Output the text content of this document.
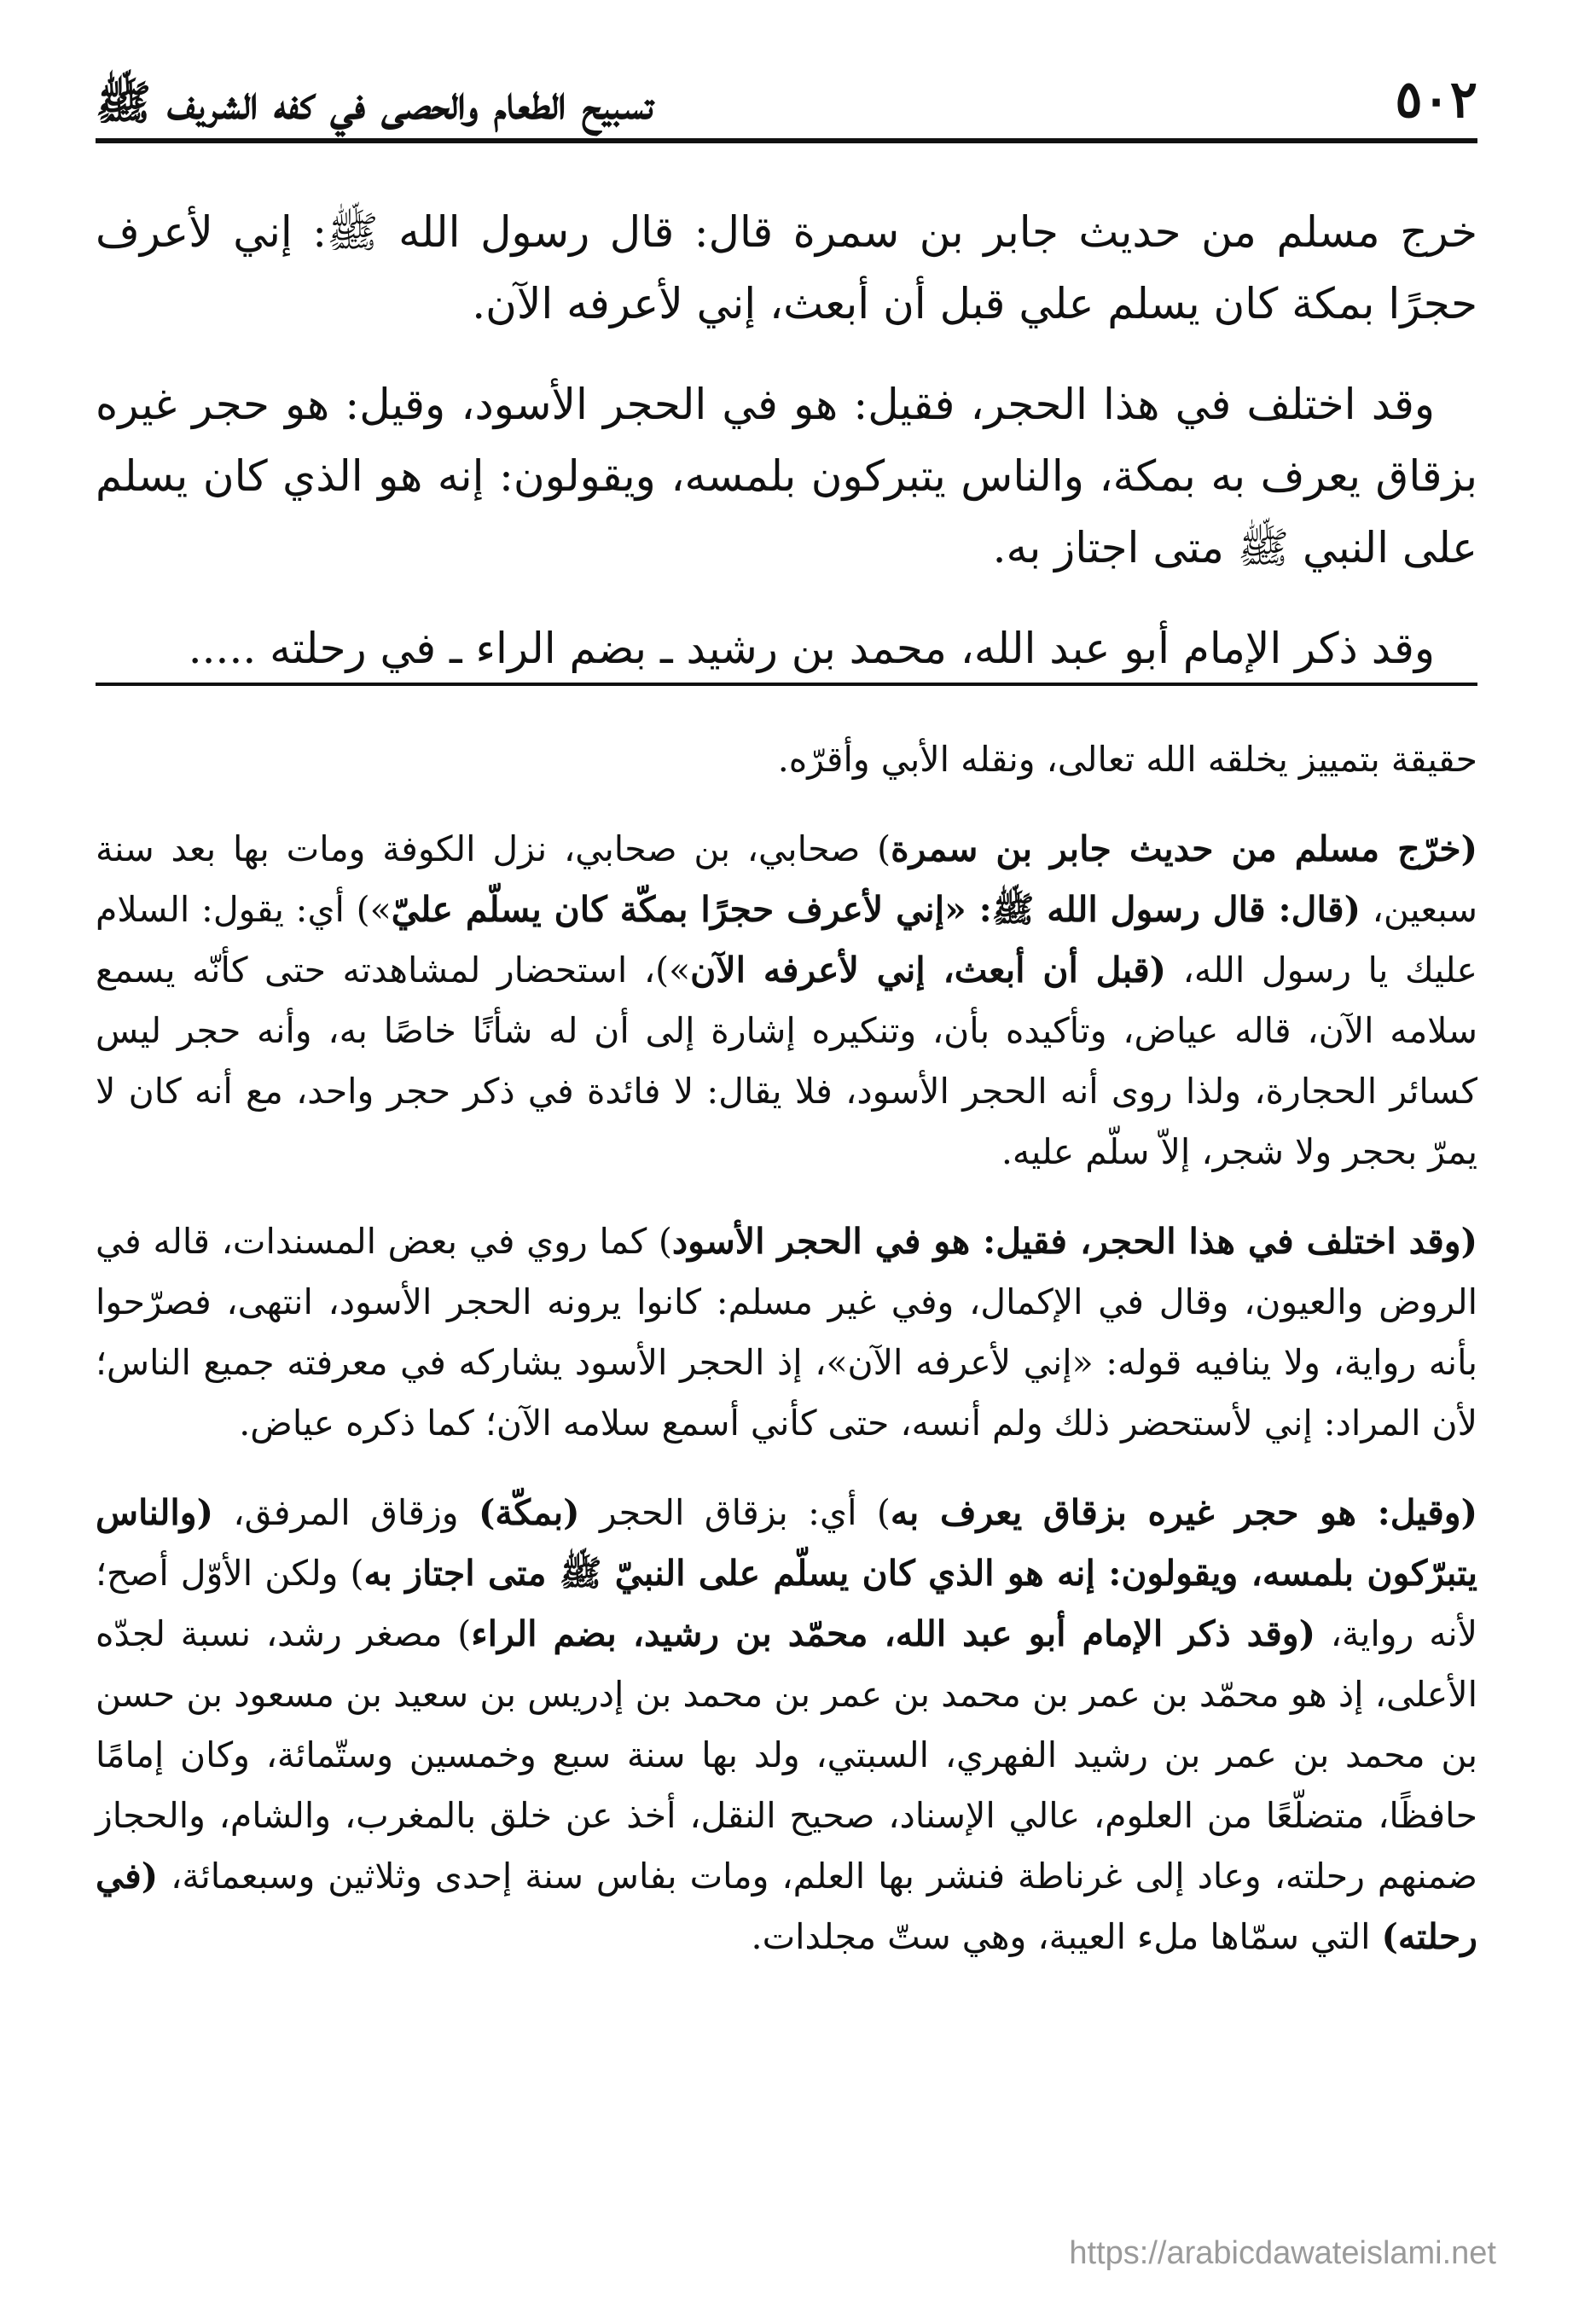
٥٠٢
تسبيح الطعام والحصى في كفه الشريف ﷺ

خرج مسلم من حديث جابر بن سمرة قال: قال رسول الله ﷺ: إني لأعرف حجرًا بمكة كان يسلم علي قبل أن أبعث، إني لأعرفه الآن.

وقد اختلف في هذا الحجر، فقيل: هو في الحجر الأسود، وقيل: هو حجر غيره بزقاق يعرف به بمكة، والناس يتبركون بلمسه، ويقولون: إنه هو الذي كان يسلم على النبي ﷺ متى اجتاز به.

وقد ذكر الإمام أبو عبد الله، محمد بن رشيد ـ بضم الراء ـ في رحلته .....

حقيقة بتمييز يخلقه الله تعالى، ونقله الأبي وأقرّه.

(خرّج مسلم من حديث جابر بن سمرة) صحابي، بن صحابي، نزل الكوفة ومات بها بعد سنة سبعين، (قال: قال رسول الله ﷺ: «إني لأعرف حجرًا بمكّة كان يسلّم عليّ») أي: يقول: السلام عليك يا رسول الله، (قبل أن أبعث، إني لأعرفه الآن»)، استحضار لمشاهدته حتى كأنّه يسمع سلامه الآن، قاله عياض، وتأكيده بأن، وتنكيره إشارة إلى أن له شأنًا خاصًا به، وأنه حجر ليس كسائر الحجارة، ولذا روى أنه الحجر الأسود، فلا يقال: لا فائدة في ذكر حجر واحد، مع أنه كان لا يمرّ بحجر ولا شجر، إلاّ سلّم عليه.

(وقد اختلف في هذا الحجر، فقيل: هو في الحجر الأسود) كما روي في بعض المسندات، قاله في الروض والعيون، وقال في الإكمال، وفي غير مسلم: كانوا يرونه الحجر الأسود، انتهى، فصرّحوا بأنه رواية، ولا ينافيه قوله: «إني لأعرفه الآن»، إذ الحجر الأسود يشاركه في معرفته جميع الناس؛ لأن المراد: إني لأستحضر ذلك ولم أنسه، حتى كأني أسمع سلامه الآن؛ كما ذكره عياض.

(وقيل: هو حجر غيره بزقاق يعرف به) أي: بزقاق الحجر (بمكّة) وزقاق المرفق، (والناس يتبرّكون بلمسه، ويقولون: إنه هو الذي كان يسلّم على النبيّ ﷺ متى اجتاز به) ولكن الأوّل أصح؛ لأنه رواية، (وقد ذكر الإمام أبو عبد الله، محمّد بن رشيد، بضم الراء) مصغر رشد، نسبة لجدّه الأعلى، إذ هو محمّد بن عمر بن محمد بن عمر بن محمد بن إدريس بن سعيد بن مسعود بن حسن بن محمد بن عمر بن رشيد الفهري، السبتي، ولد بها سنة سبع وخمسين وستّمائة، وكان إمامًا حافظًا، متضلّعًا من العلوم، عالي الإسناد، صحيح النقل، أخذ عن خلق بالمغرب، والشام، والحجاز ضمنهم رحلته، وعاد إلى غرناطة فنشر بها العلم، ومات بفاس سنة إحدى وثلاثين وسبعمائة، (في رحلته) التي سمّاها ملء العيبة، وهي ستّ مجلدات.

https://arabicdawateislami.net
